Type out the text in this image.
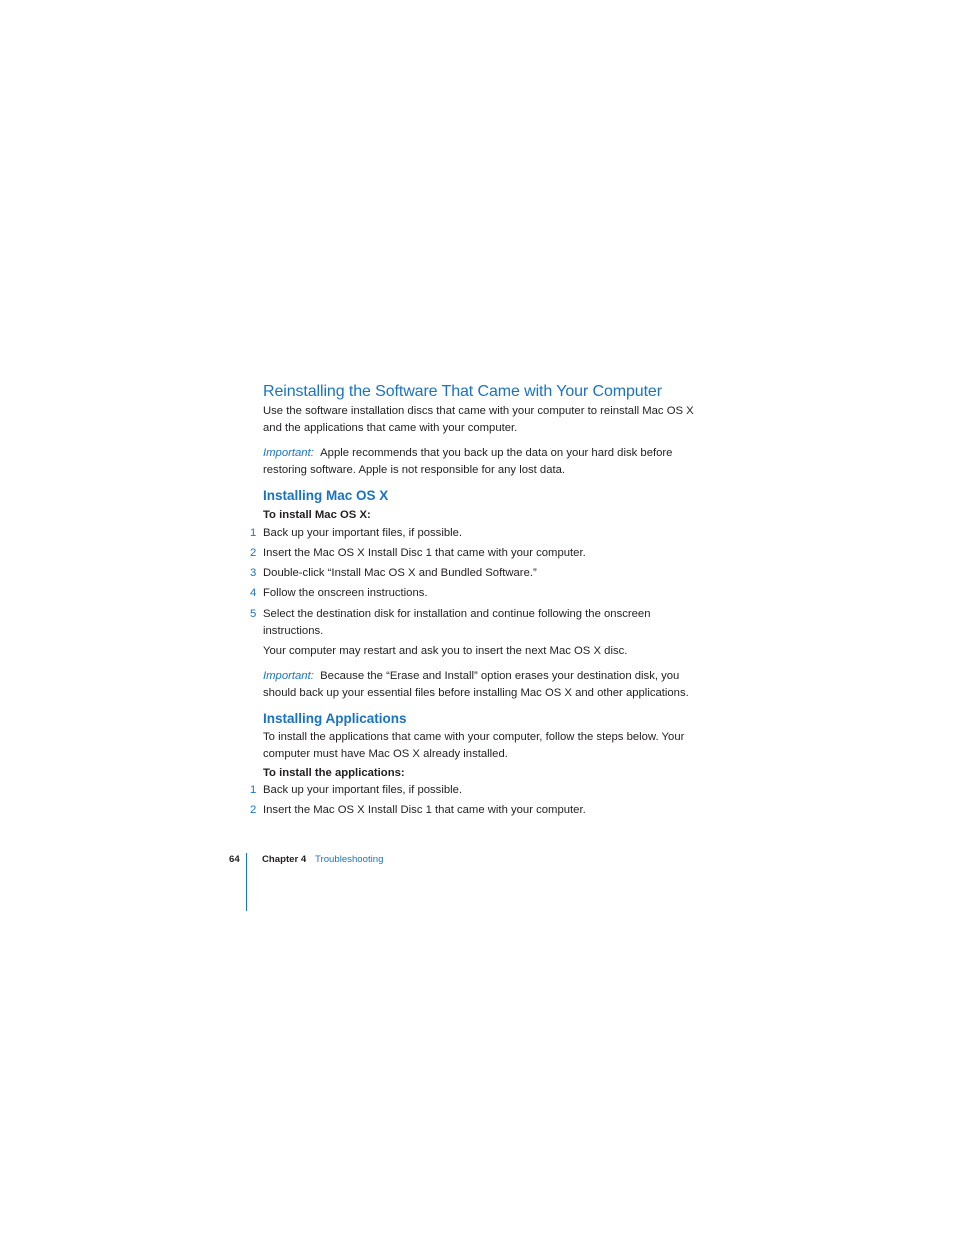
Reinstalling the Software That Came with Your Computer
Use the software installation discs that came with your computer to reinstall Mac OS X
and the applications that came with your computer.
Important: Apple recommends that you back up the data on your hard disk before
restoring software. Apple is not responsible for any lost data.
Installing Mac OS X
To install Mac OS X:
1 Back up your important files, if possible.
2 Insert the Mac OS X Install Disc 1 that came with your computer.
3 Double-click “Install Mac OS X and Bundled Software.”
4 Follow the onscreen instructions.
5 Select the destination disk for installation and continue following the onscreen
instructions.
Your computer may restart and ask you to insert the next Mac OS X disc.
Important: Because the “Erase and Install” option erases your destination disk, you
should back up your essential files before installing Mac OS X and other applications.
Installing Applications
To install the applications that came with your computer, follow the steps below. Your
computer must have Mac OS X already installed.
To install the applications:
1 Back up your important files, if possible.
2 Insert the Mac OS X Install Disc 1 that came with your computer.
64 Chapter 4 Troubleshooting
